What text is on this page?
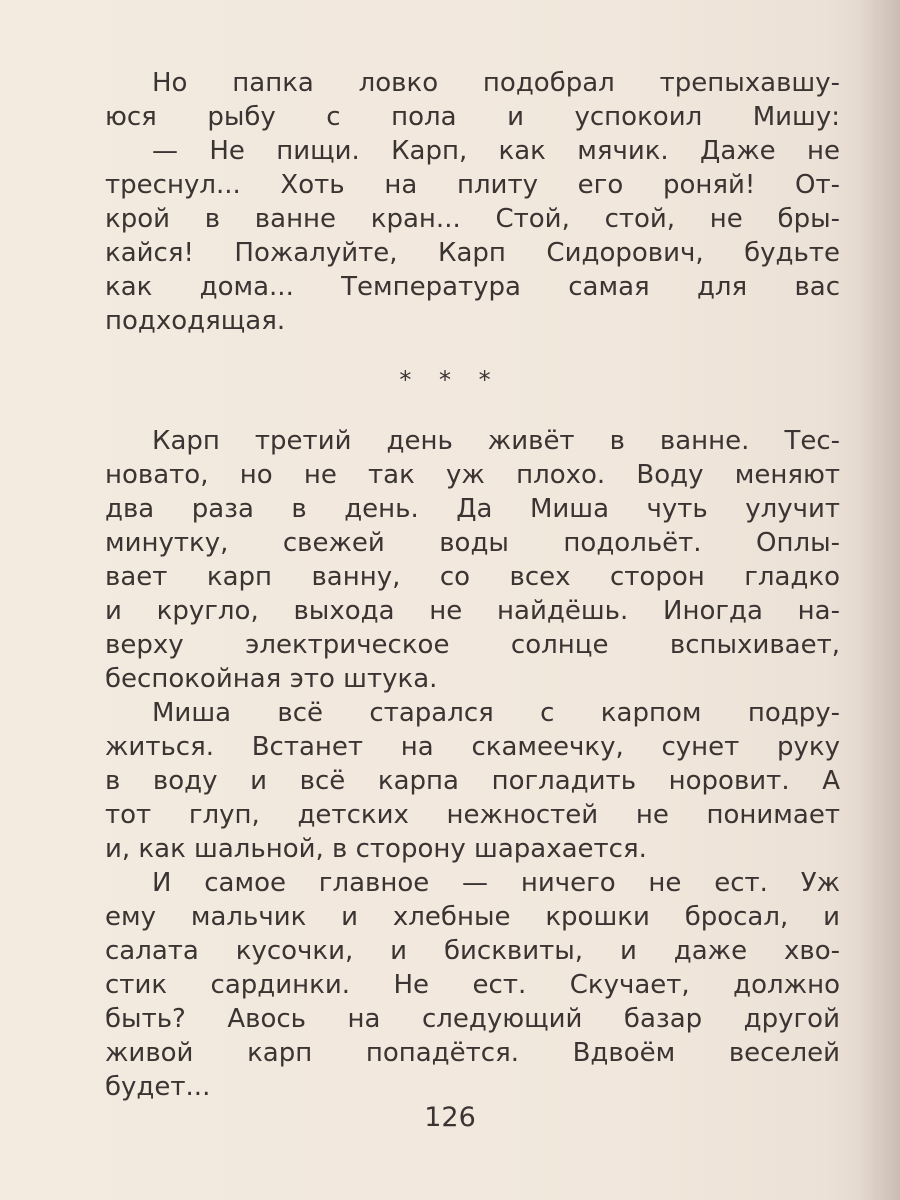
Но папка ловко подобрал трепыхавшу-
юся рыбу с пола и успокоил Мишу:
— Не пищи. Карп, как мячик. Даже не
треснул... Хоть на плиту его роняй! От-
крой в ванне кран... Стой, стой, не бры-
кайся! Пожалуйте, Карп Сидорович, будьте
как дома... Температура самая для вас
подходящая.
* * *
Карп третий день живёт в ванне. Тес-
новато, но не так уж плохо. Воду меняют
два раза в день. Да Миша чуть улучит
минутку, свежей воды подольёт. Оплы-
вает карп ванну, со всех сторон гладко
и кругло, выхода не найдёшь. Иногда на-
верху электрическое солнце вспыхивает,
беспокойная это штука.
Миша всё старался с карпом подру-
житься. Встанет на скамеечку, сунет руку
в воду и всё карпа погладить норовит. А
тот глуп, детских нежностей не понимает
и, как шальной, в сторону шарахается.
И самое главное — ничего не ест. Уж
ему мальчик и хлебные крошки бросал, и
салата кусочки, и бисквиты, и даже хво-
стик сардинки. Не ест. Скучает, должно
быть? Авось на следующий базар другой
живой карп попадётся. Вдвоём веселей
будет...
126
